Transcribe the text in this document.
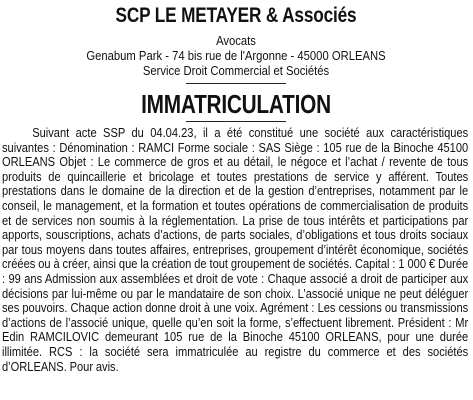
SCP LE METAYER & Associés
Avocats
Genabum Park - 74 bis rue de l'Argonne - 45000 ORLEANS
Service Droit Commercial et Sociétés
IMMATRICULATION
Suivant acte SSP du 04.04.23, il a été constitué une société aux caractéristiques suivantes : Dénomination : RAMCI Forme sociale : SAS Siège : 105 rue de la Binoche 45100 ORLEANS Objet : Le commerce de gros et au détail, le négoce et l’achat / revente de tous produits de quincaillerie et bricolage et toutes prestations de service y afférent. Toutes prestations dans le domaine de la direction et de la gestion d’entreprises, notamment par le conseil, le management, et la formation et toutes opérations de commercialisation de produits et de services non soumis à la réglementation. La prise de tous intérêts et participations par apports, souscriptions, achats d’actions, de parts sociales, d’obligations et tous droits sociaux par tous moyens dans toutes affaires, entreprises, groupement d’intérêt économique, sociétés créées ou à créer, ainsi que la création de tout groupement de sociétés. Capital : 1 000 € Durée : 99 ans Admission aux assemblées et droit de vote : Chaque associé a droit de participer aux décisions par lui-même ou par le mandataire de son choix. L’associé unique ne peut déléguer ses pouvoirs. Chaque action donne droit à une voix. Agrément : Les cessions ou transmissions d’actions de l’associé unique, quelle qu’en soit la forme, s’effectuent librement. Président : Mr Edin RAMCILOVIC demeurant 105 rue de la Binoche 45100 ORLEANS, pour une durée illimitée. RCS : la société sera immatriculée au registre du commerce et des sociétés d’ORLEANS. Pour avis.
